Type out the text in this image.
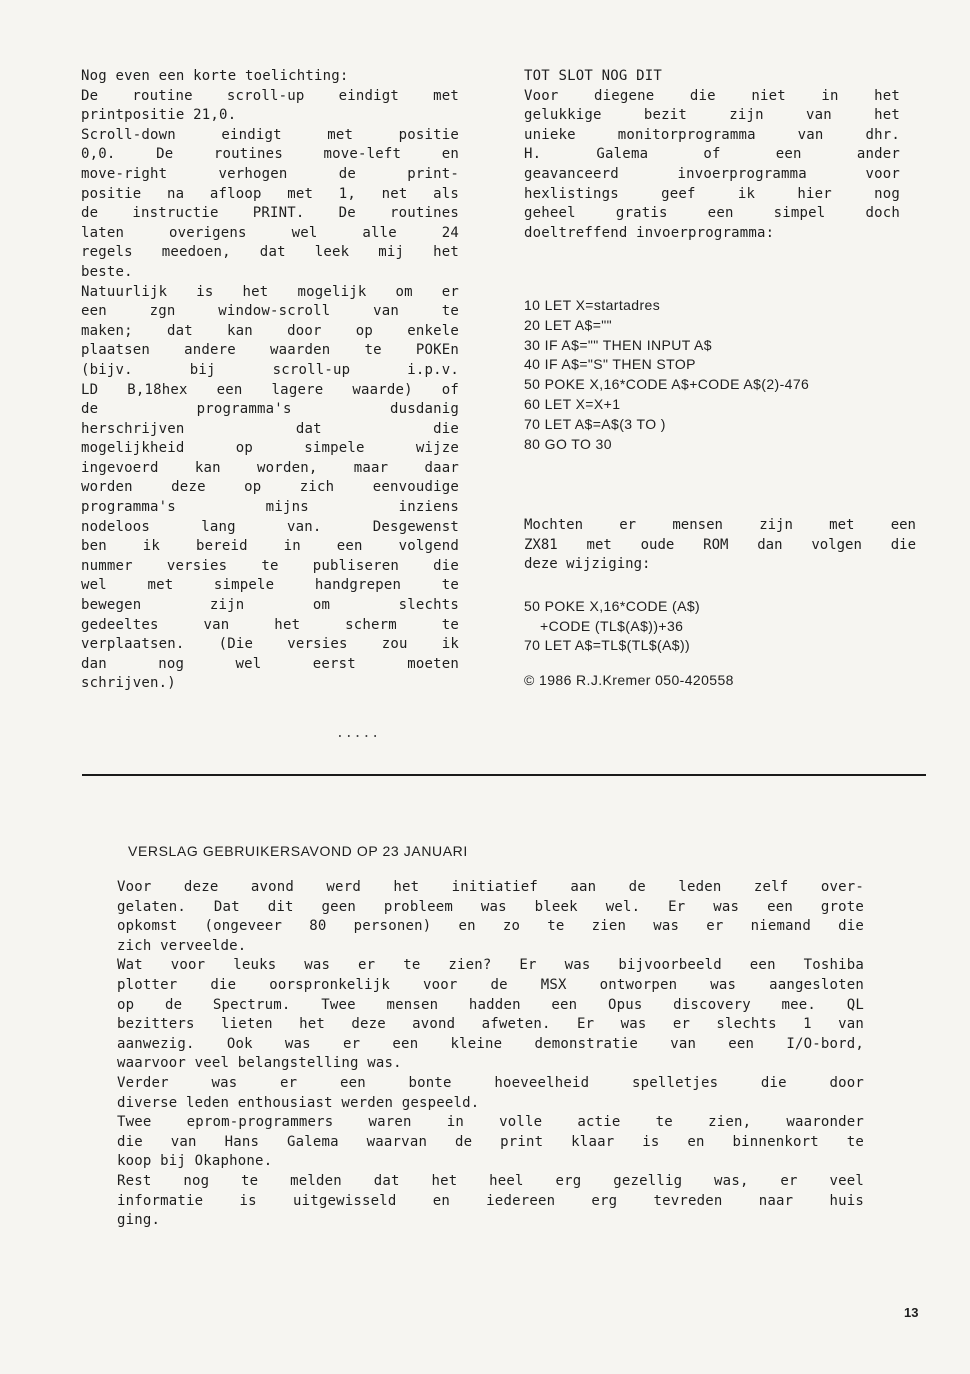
Nog even een korte toelichting:
De routine scroll-up eindigt met
printpositie 21,0.
Scroll-down eindigt met positie
0,0. De routines move-left en
move-right verhogen de print-
positie na afloop met 1, net als
de instructie PRINT. De routines
laten overigens wel alle 24
regels meedoen, dat leek mij het
beste.
Natuurlijk is het mogelijk om er
een zgn window-scroll van te
maken; dat kan door op enkele
plaatsen andere waarden te POKEn
(bijv. bij scroll-up i.p.v.
LD B,18hex een lagere waarde) of
de programma's dusdanig
herschrijven dat die
mogelijkheid op simpele wijze
ingevoerd kan worden, maar daar
worden deze op zich eenvoudige
programma's mijns inziens
nodeloos lang van. Desgewenst
ben ik bereid in een volgend
nummer versies te publiseren die
wel met simpele handgrepen te
bewegen zijn om slechts
gedeeltes van het scherm te
verplaatsen. (Die versies zou ik
dan nog wel eerst moeten
schrijven.)
TOT SLOT NOG DIT
Voor diegene die niet in het
gelukkige bezit zijn van het
unieke monitorprogramma van dhr.
H. Galema of een ander
geavanceerd invoerprogramma voor
hexlistings geef ik hier nog
geheel gratis een simpel doch
doeltreffend invoerprogramma:
10 LET X=startadres
20 LET A$=""
30 IF A$="" THEN INPUT A$
40 IF A$="S" THEN STOP
50 POKE X,16*CODE A$+CODE A$(2)-476
60 LET X=X+1
70 LET A$=A$(3 TO )
80 GO TO 30
Mochten er mensen zijn met een
ZX81 met oude ROM dan volgen die
deze wijziging:
50 POKE X,16*CODE (A$)
+CODE (TL$(A$))+36
70 LET A$=TL$(TL$(A$))
© 1986 R.J.Kremer 050-420558
.....
VERSLAG GEBRUIKERSAVOND OP 23 JANUARI
Voor deze avond werd het initiatief aan de leden zelf over-
gelaten. Dat dit geen probleem was bleek wel. Er was een grote
opkomst (ongeveer 80 personen) en zo te zien was er niemand die
zich verveelde.
Wat voor leuks was er te zien? Er was bijvoorbeeld een Toshiba
plotter die oorspronkelijk voor de MSX ontworpen was aangesloten
op de Spectrum. Twee mensen hadden een Opus discovery mee. QL
bezitters lieten het deze avond afweten. Er was er slechts 1 van
aanwezig. Ook was er een kleine demonstratie van een I/O-bord,
waarvoor veel belangstelling was.
Verder was er een bonte hoeveelheid spelletjes die door
diverse leden enthousiast werden gespeeld.
Twee eprom-programmers waren in volle actie te zien, waaronder
die van Hans Galema waarvan de print klaar is en binnenkort te
koop bij Okaphone.
Rest nog te melden dat het heel erg gezellig was, er veel
informatie is uitgewisseld en iedereen erg tevreden naar huis
ging.
13
